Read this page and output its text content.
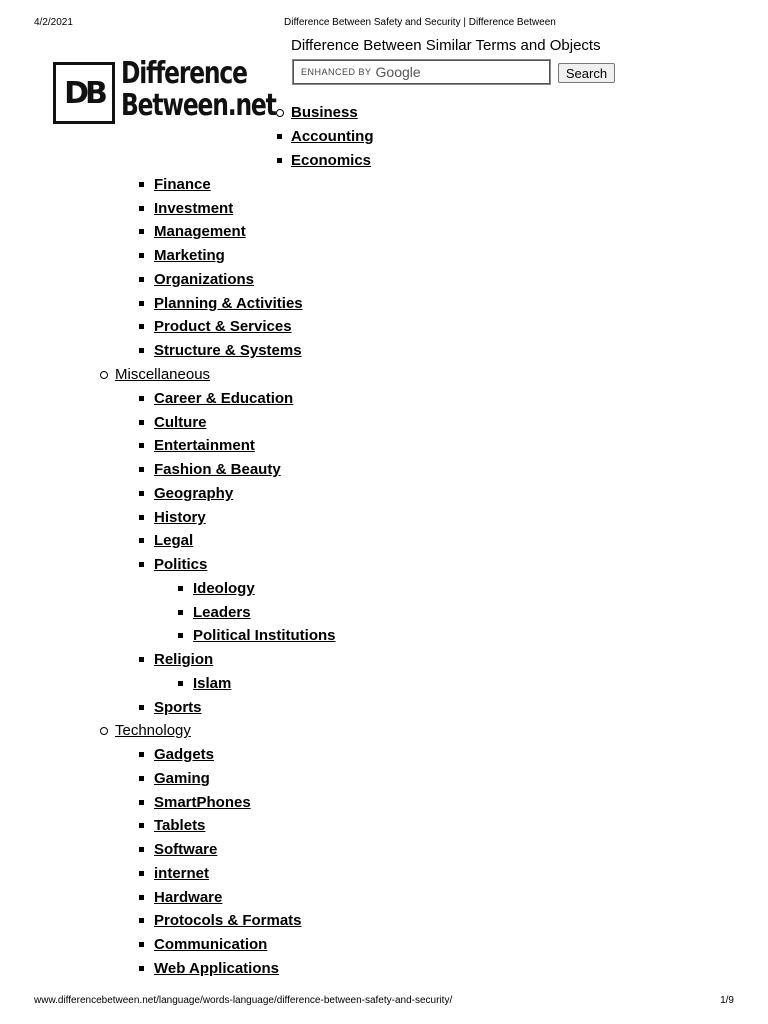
4/2/2021	Difference Between Safety and Security | Difference Between
DB
Difference
Between.net
Difference Between Similar Terms and Objects
ENHANCED BY Google	Search
Business
Accounting
Economics
Finance
Investment
Management
Marketing
Organizations
Planning & Activities
Product & Services
Structure & Systems
Miscellaneous
Career & Education
Culture
Entertainment
Fashion & Beauty
Geography
History
Legal
Politics
Ideology
Leaders
Political Institutions
Religion
Islam
Sports
Technology
Gadgets
Gaming
SmartPhones
Tablets
Software
internet
Hardware
Protocols & Formats
Communication
Web Applications
www.differencebetween.net/language/words-language/difference-between-safety-and-security/	1/9
